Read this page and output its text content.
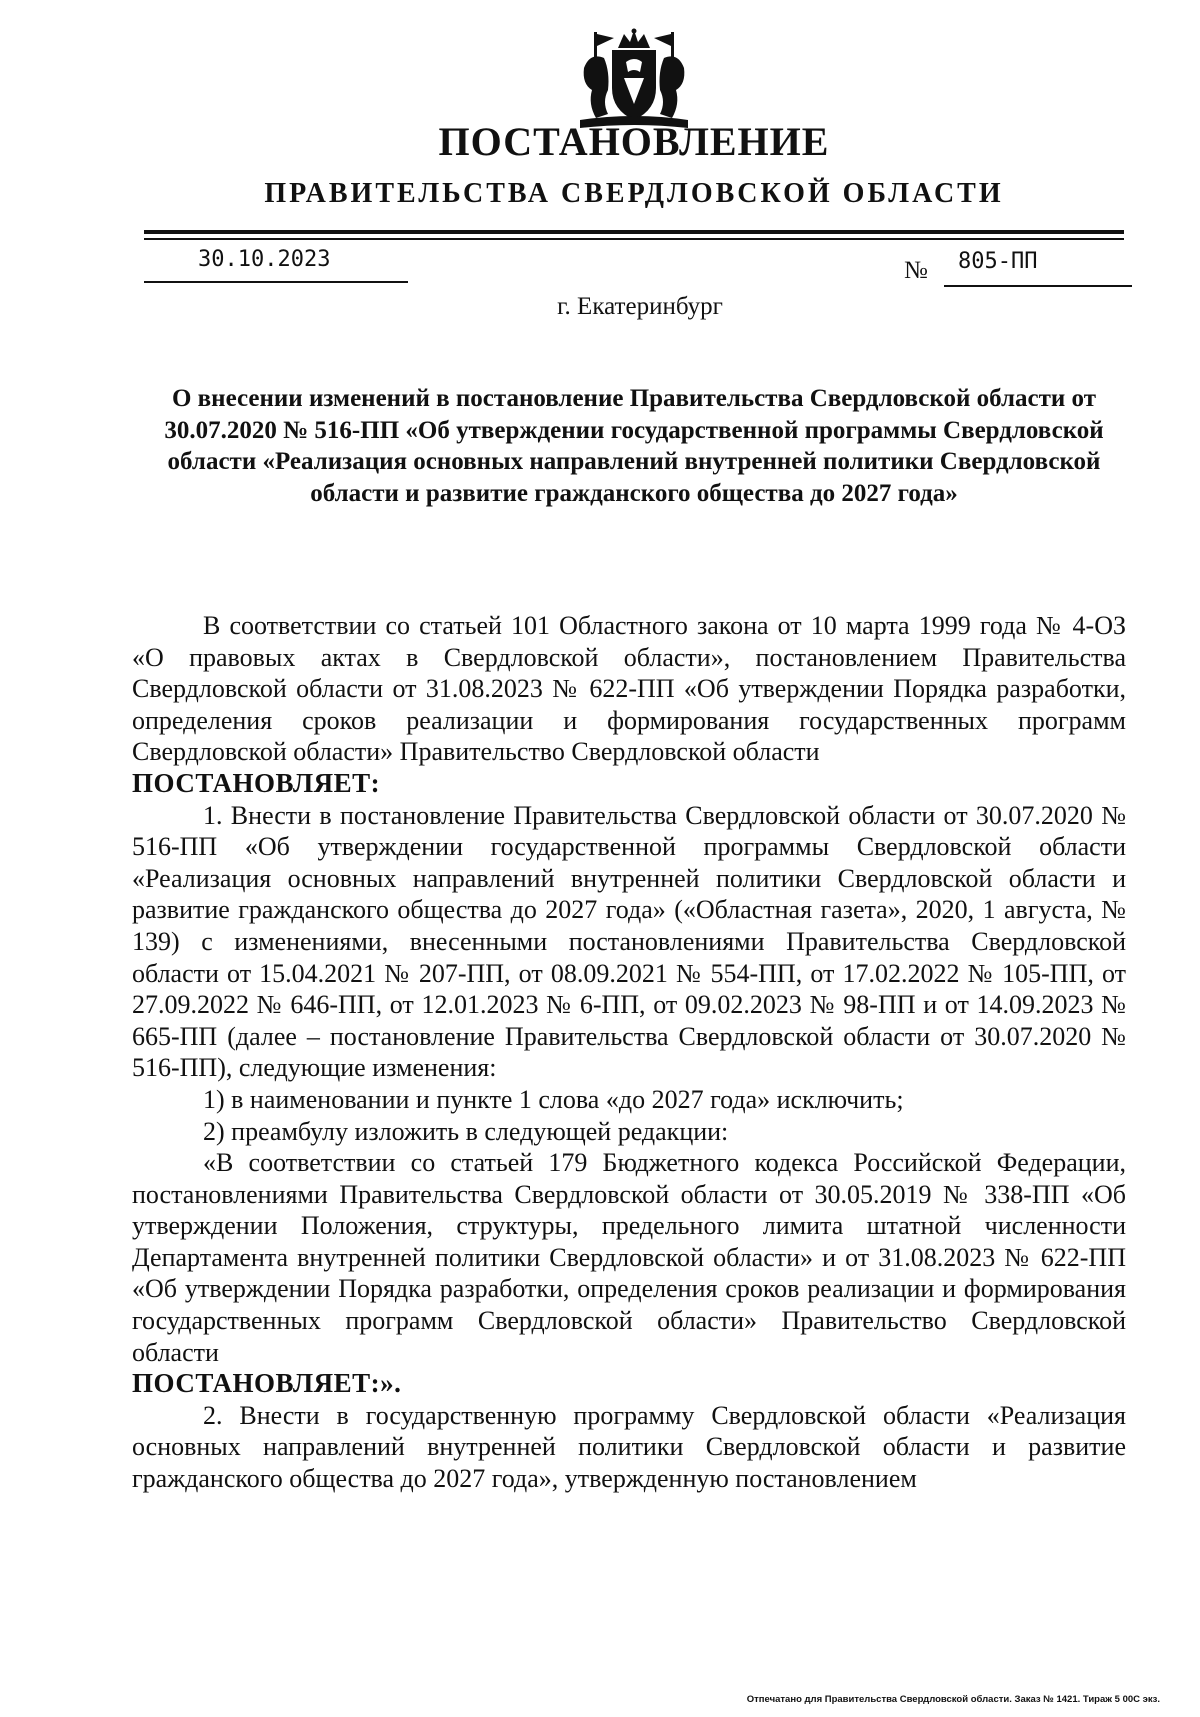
ПОСТАНОВЛЕНИЕ
ПРАВИТЕЛЬСТВА СВЕРДЛОВСКОЙ ОБЛАСТИ
30.10.2023	№ 805-ПП
г. Екатеринбург
О внесении изменений в постановление Правительства Свердловской области от 30.07.2020 № 516-ПП «Об утверждении государственной программы Свердловской области «Реализация основных направлений внутренней политики Свердловской области и развитие гражданского общества до 2027 года»

В соответствии со статьей 101 Областного закона от 10 марта 1999 года № 4-ОЗ «О правовых актах в Свердловской области», постановлением Правительства Свердловской области от 31.08.2023 № 622-ПП «Об утверждении Порядка разработки, определения сроков реализации и формирования государственных программ Свердловской области» Правительство Свердловской области

ПОСТАНОВЛЯЕТ:

1. Внести в постановление Правительства Свердловской области от 30.07.2020 № 516-ПП «Об утверждении государственной программы Свердловской области «Реализация основных направлений внутренней политики Свердловской области и развитие гражданского общества до 2027 года» («Областная газета», 2020, 1 августа, № 139) с изменениями, внесенными постановлениями Правительства Свердловской области от 15.04.2021 № 207-ПП, от 08.09.2021 № 554-ПП, от 17.02.2022 № 105-ПП, от 27.09.2022 № 646-ПП, от 12.01.2023 № 6-ПП, от 09.02.2023 № 98-ПП и от 14.09.2023 № 665-ПП (далее – постановление Правительства Свердловской области от 30.07.2020 № 516-ПП), следующие изменения:

1) в наименовании и пункте 1 слова «до 2027 года» исключить;

2) преамбулу изложить в следующей редакции:

«В соответствии со статьей 179 Бюджетного кодекса Российской Федерации, постановлениями Правительства Свердловской области от 30.05.2019 № 338-ПП «Об утверждении Положения, структуры, предельного лимита штатной численности Департамента внутренней политики Свердловской области» и от 31.08.2023 № 622-ПП «Об утверждении Порядка разработки, определения сроков реализации и формирования государственных программ Свердловской области» Правительство Свердловской области

ПОСТАНОВЛЯЕТ:».

2. Внести в государственную программу Свердловской области «Реализация основных направлений внутренней политики Свердловской области и развитие гражданского общества до 2027 года», утвержденную постановлением

Отпечатано для Правительства Свердловской области. Заказ № 1421. Тираж 5 00С экз.
